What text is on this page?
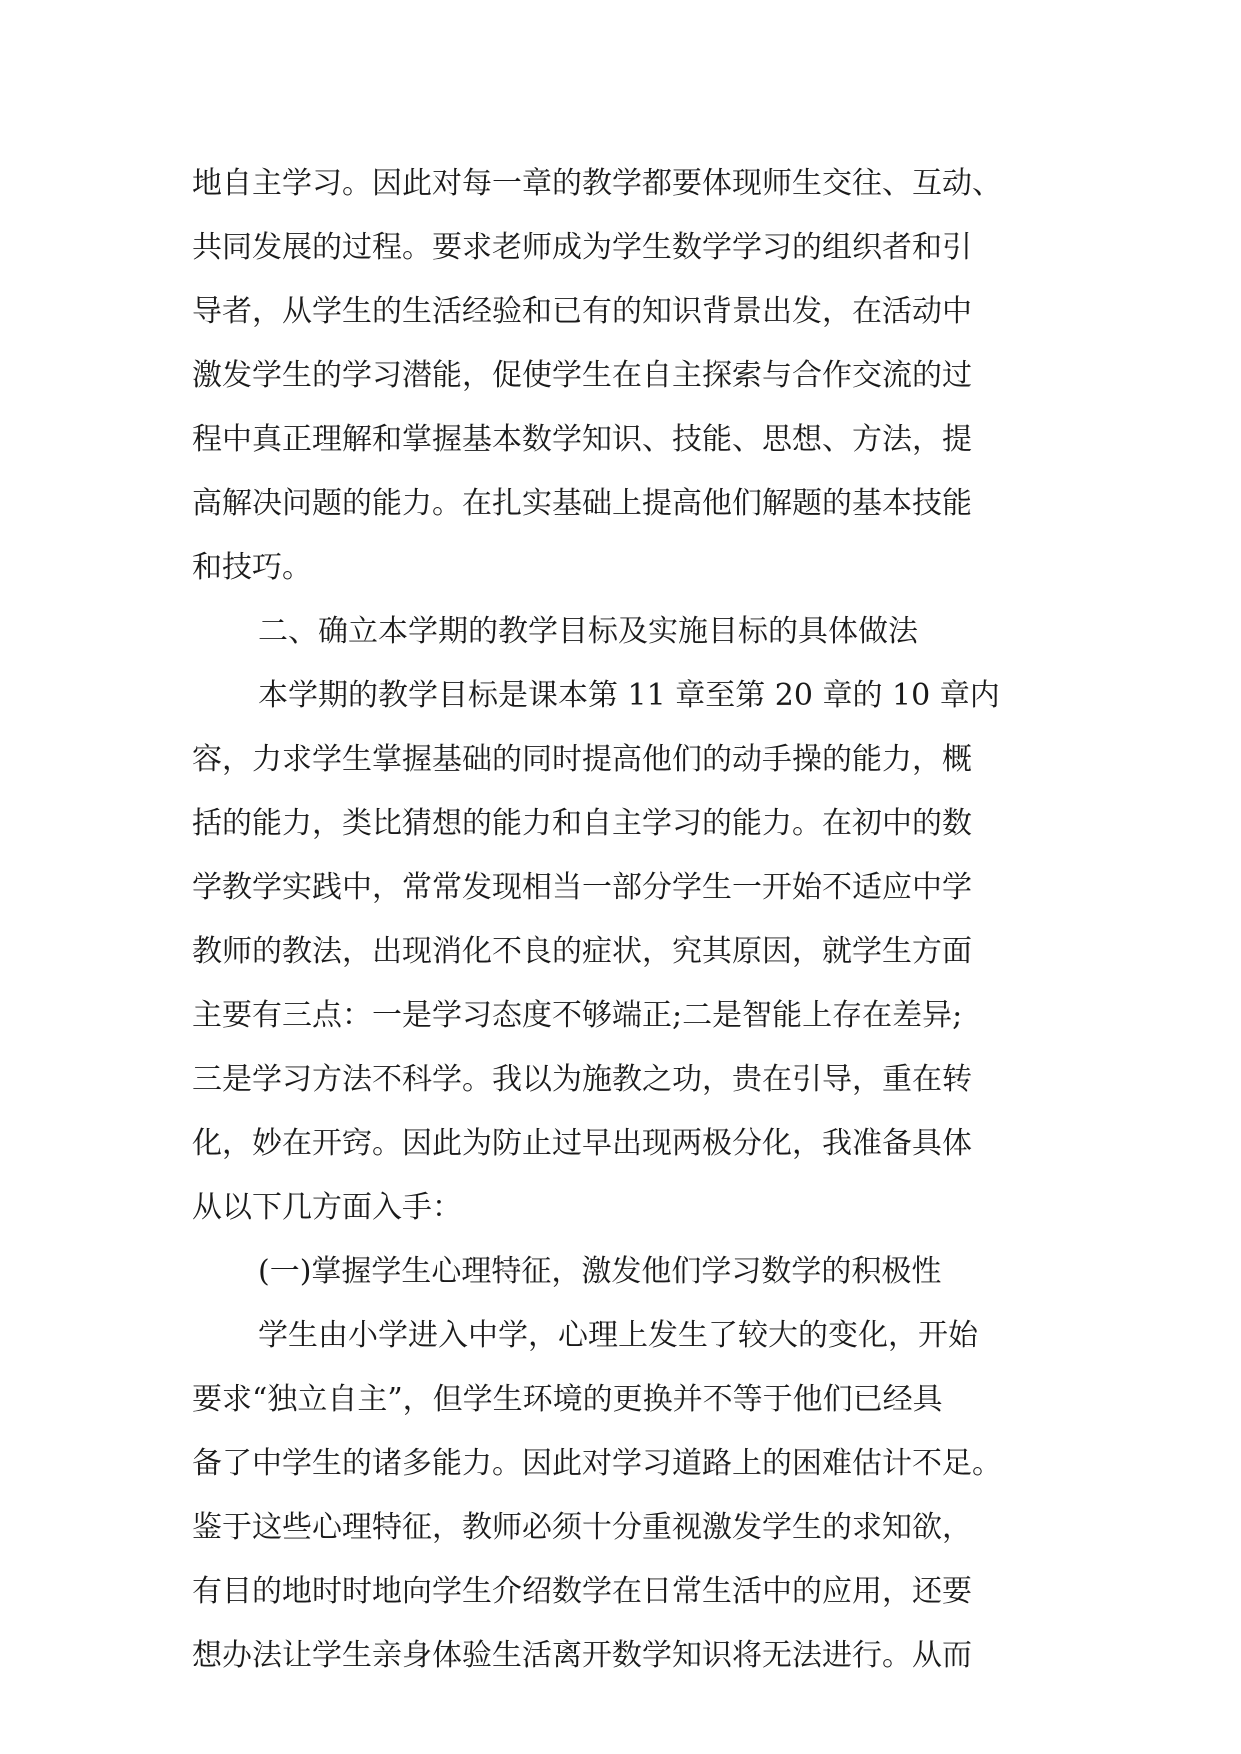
地自主学习。因此对每一章的教学都要体现师生交往、互动、
共同发展的过程。要求老师成为学生数学学习的组织者和引
导者，从学生的生活经验和已有的知识背景出发，在活动中
激发学生的学习潜能，促使学生在自主探索与合作交流的过
程中真正理解和掌握基本数学知识、技能、思想、方法，提
高解决问题的能力。在扎实基础上提高他们解题的基本技能
和技巧。
二、确立本学期的教学目标及实施目标的具体做法
本学期的教学目标是课本第 11 章至第 20 章的 10 章内
容，力求学生掌握基础的同时提高他们的动手操的能力，概
括的能力，类比猜想的能力和自主学习的能力。在初中的数
学教学实践中，常常发现相当一部分学生一开始不适应中学
教师的教法，出现消化不良的症状，究其原因，就学生方面
主要有三点：一是学习态度不够端正;二是智能上存在差异;
三是学习方法不科学。我以为施教之功，贵在引导，重在转
化，妙在开窍。因此为防止过早出现两极分化，我准备具体
从以下几方面入手：
(一)掌握学生心理特征，激发他们学习数学的积极性
学生由小学进入中学，心理上发生了较大的变化，开始
要求“独立自主”，但学生环境的更换并不等于他们已经具
备了中学生的诸多能力。因此对学习道路上的困难估计不足。
鉴于这些心理特征，教师必须十分重视激发学生的求知欲，
有目的地时时地向学生介绍数学在日常生活中的应用，还要
想办法让学生亲身体验生活离开数学知识将无法进行。从而
